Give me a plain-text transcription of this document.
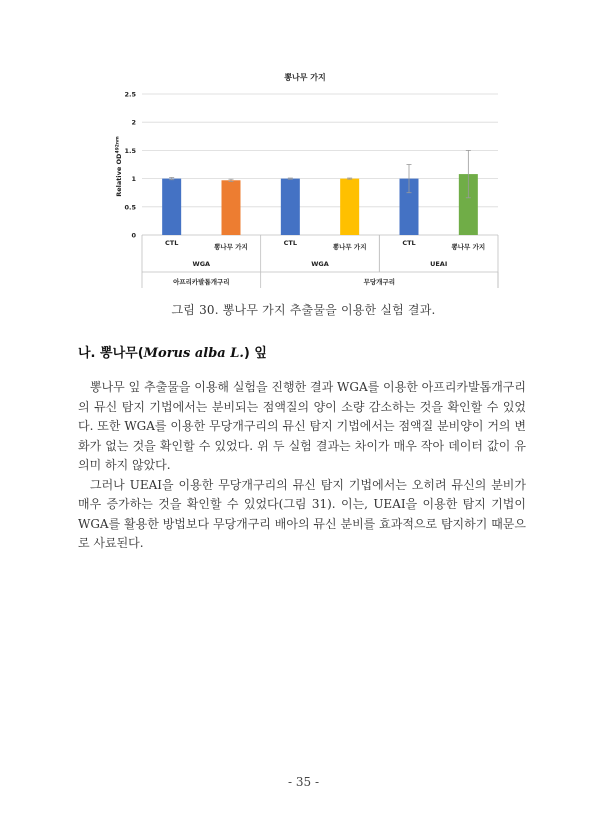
뽕나무 가지
0
0.5
1
1.5
2
2.5
Relative $OD^{492nm}$
CTL	뽕나무 가지	CTL	뽕나무 가지	CTL	뽕나무 가지
WGA	WGA	UEAI
아프리카발톱개구리	무당개구리
그림 30. 뽕나무 가지 추출물을 이용한 실험 결과.
나. 뽕나무(Morus alba L.) 잎

뽕나무 잎 추출물을 이용해 실험을 진행한 결과 WGA를 이용한 아프리카발톱개구리의 뮤신 탐지 기법에서는 분비되는 점액질의 양이 소량 감소하는 것을 확인할 수 있었다. 또한 WGA를 이용한 무당개구리의 뮤신 탐지 기법에서는 점액질 분비양이 거의 변화가 없는 것을 확인할 수 있었다. 위 두 실험 결과는 차이가 매우 작아 데이터 값이 유의미 하지 않았다.

그러나 UEAI을 이용한 무당개구리의 뮤신 탐지 기법에서는 오히려 뮤신의 분비가 매우 증가하는 것을 확인할 수 있었다(그림 31). 이는, UEAI을 이용한 탐지 기법이 WGA를 활용한 방법보다 무당개구리 배아의 뮤신 분비를 효과적으로 탐지하기 때문으로 사료된다.

- 35 -
